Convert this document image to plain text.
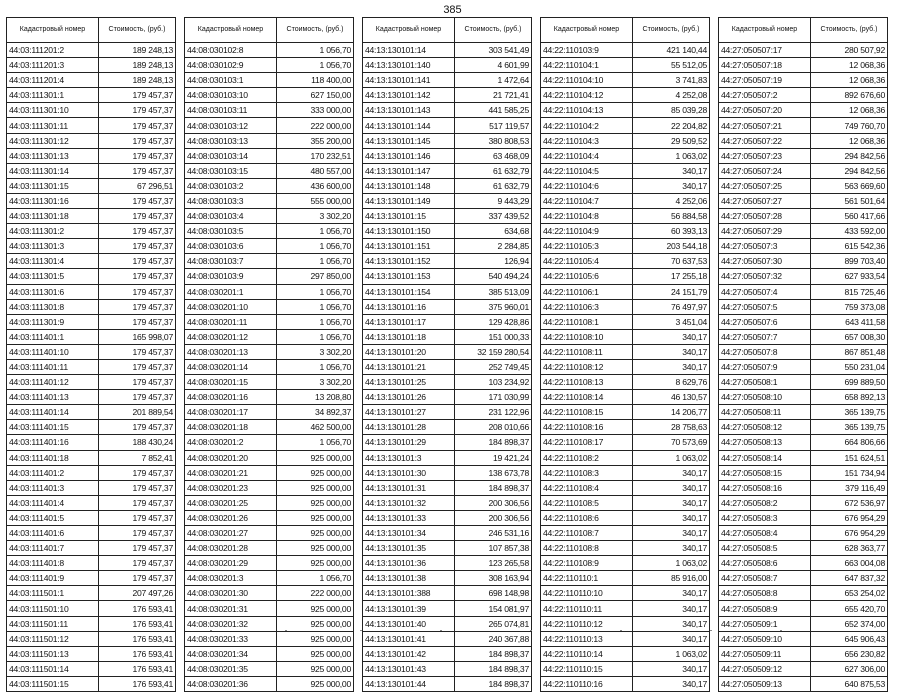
385
Кадастровый номер	Стоимость, (руб.)
44:03:111201:2	189 248,13
44:03:111201:3	189 248,13
44:03:111201:4	189 248,13
44:03:111301:1	179 457,37
44:03:111301:10	179 457,37
44:03:111301:11	179 457,37
44:03:111301:12	179 457,37
44:03:111301:13	179 457,37
44:03:111301:14	179 457,37
44:03:111301:15	67 296,51
44:03:111301:16	179 457,37
44:03:111301:18	179 457,37
44:03:111301:2	179 457,37
44:03:111301:3	179 457,37
44:03:111301:4	179 457,37
44:03:111301:5	179 457,37
44:03:111301:6	179 457,37
44:03:111301:8	179 457,37
44:03:111301:9	179 457,37
44:03:111401:1	165 998,07
44:03:111401:10	179 457,37
44:03:111401:11	179 457,37
44:03:111401:12	179 457,37
44:03:111401:13	179 457,37
44:03:111401:14	201 889,54
44:03:111401:15	179 457,37
44:03:111401:16	188 430,24
44:03:111401:18	7 852,41
44:03:111401:2	179 457,37
44:03:111401:3	179 457,37
44:03:111401:4	179 457,37
44:03:111401:5	179 457,37
44:03:111401:6	179 457,37
44:03:111401:7	179 457,37
44:03:111401:8	179 457,37
44:03:111401:9	179 457,37
44:03:111501:1	207 497,26
44:03:111501:10	176 593,41
44:03:111501:11	176 593,41
44:03:111501:12	176 593,41
44:03:111501:13	176 593,41
44:03:111501:14	176 593,41
44:03:111501:15	176 593,41
Кадастровый номер	Стоимость, (руб.)
44:08:030102:8	1 056,70
44:08:030102:9	1 056,70
44:08:030103:1	118 400,00
44:08:030103:10	627 150,00
44:08:030103:11	333 000,00
44:08:030103:12	222 000,00
44:08:030103:13	355 200,00
44:08:030103:14	170 232,51
44:08:030103:15	480 557,00
44:08:030103:2	436 600,00
44:08:030103:3	555 000,00
44:08:030103:4	3 302,20
44:08:030103:5	1 056,70
44:08:030103:6	1 056,70
44:08:030103:7	1 056,70
44:08:030103:9	297 850,00
44:08:030201:1	1 056,70
44:08:030201:10	1 056,70
44:08:030201:11	1 056,70
44:08:030201:12	1 056,70
44:08:030201:13	3 302,20
44:08:030201:14	1 056,70
44:08:030201:15	3 302,20
44:08:030201:16	13 208,80
44:08:030201:17	34 892,37
44:08:030201:18	462 500,00
44:08:030201:2	1 056,70
44:08:030201:20	925 000,00
44:08:030201:21	925 000,00
44:08:030201:23	925 000,00
44:08:030201:25	925 000,00
44:08:030201:26	925 000,00
44:08:030201:27	925 000,00
44:08:030201:28	925 000,00
44:08:030201:29	925 000,00
44:08:030201:3	1 056,70
44:08:030201:30	222 000,00
44:08:030201:31	925 000,00
44:08:030201:32	925 000,00
44:08:030201:33	925 000,00
44:08:030201:34	925 000,00
44:08:030201:35	925 000,00
44:08:030201:36	925 000,00
Кадастровый номер	Стоимость, (руб.)
44:13:130101:14	303 541,49
44:13:130101:140	4 601,99
44:13:130101:141	1 472,64
44:13:130101:142	21 721,41
44:13:130101:143	441 585,25
44:13:130101:144	517 119,57
44:13:130101:145	380 808,53
44:13:130101:146	63 468,09
44:13:130101:147	61 632,79
44:13:130101:148	61 632,79
44:13:130101:149	9 443,29
44:13:130101:15	337 439,52
44:13:130101:150	634,68
44:13:130101:151	2 284,85
44:13:130101:152	126,94
44:13:130101:153	540 494,24
44:13:130101:154	385 513,09
44:13:130101:16	375 960,01
44:13:130101:17	129 428,86
44:13:130101:18	151 000,33
44:13:130101:20	32 159 280,54
44:13:130101:21	252 749,45
44:13:130101:25	103 234,92
44:13:130101:26	171 030,99
44:13:130101:27	231 122,96
44:13:130101:28	208 010,66
44:13:130101:29	184 898,37
44:13:130101:3	19 421,24
44:13:130101:30	138 673,78
44:13:130101:31	184 898,37
44:13:130101:32	200 306,56
44:13:130101:33	200 306,56
44:13:130101:34	246 531,16
44:13:130101:35	107 857,38
44:13:130101:36	123 265,58
44:13:130101:38	308 163,94
44:13:130101:388	698 148,98
44:13:130101:39	154 081,97
44:13:130101:40	265 074,81
44:13:130101:41	240 367,88
44:13:130101:42	184 898,37
44:13:130101:43	184 898,37
44:13:130101:44	184 898,37
Кадастровый номер	Стоимость, (руб.)
44:22:110103:9	421 140,44
44:22:110104:1	55 512,05
44:22:110104:10	3 741,83
44:22:110104:12	4 252,08
44:22:110104:13	85 039,28
44:22:110104:2	22 204,82
44:22:110104:3	29 509,52
44:22:110104:4	1 063,02
44:22:110104:5	340,17
44:22:110104:6	340,17
44:22:110104:7	4 252,06
44:22:110104:8	56 884,58
44:22:110104:9	60 393,13
44:22:110105:3	203 544,18
44:22:110105:4	70 637,53
44:22:110105:6	17 255,18
44:22:110106:1	24 151,79
44:22:110106:3	76 497,97
44:22:110108:1	3 451,04
44:22:110108:10	340,17
44:22:110108:11	340,17
44:22:110108:12	340,17
44:22:110108:13	8 629,76
44:22:110108:14	46 130,57
44:22:110108:15	14 206,77
44:22:110108:16	28 758,63
44:22:110108:17	70 573,69
44:22:110108:2	1 063,02
44:22:110108:3	340,17
44:22:110108:4	340,17
44:22:110108:5	340,17
44:22:110108:6	340,17
44:22:110108:7	340,17
44:22:110108:8	340,17
44:22:110108:9	1 063,02
44:22:110110:1	85 916,00
44:22:110110:10	340,17
44:22:110110:11	340,17
44:22:110110:12	340,17
44:22:110110:13	340,17
44:22:110110:14	1 063,02
44:22:110110:15	340,17
44:22:110110:16	340,17
Кадастровый номер	Стоимость, (руб.)
44:27:050507:17	280 507,92
44:27:050507:18	12 068,36
44:27:050507:19	12 068,36
44:27:050507:2	892 676,60
44:27:050507:20	12 068,36
44:27:050507:21	749 760,70
44:27:050507:22	12 068,36
44:27:050507:23	294 842,56
44:27:050507:24	294 842,56
44:27:050507:25	563 669,60
44:27:050507:27	561 501,64
44:27:050507:28	560 417,66
44:27:050507:29	433 592,00
44:27:050507:3	615 542,36
44:27:050507:30	899 703,40
44:27:050507:32	627 933,54
44:27:050507:4	815 725,46
44:27:050507:5	759 373,08
44:27:050507:6	643 411,58
44:27:050507:7	657 008,30
44:27:050507:8	867 851,48
44:27:050507:9	550 231,04
44:27:050508:1	699 889,50
44:27:050508:10	658 892,13
44:27:050508:11	365 139,75
44:27:050508:12	365 139,75
44:27:050508:13	664 806,66
44:27:050508:14	151 624,51
44:27:050508:15	151 734,94
44:27:050508:16	379 116,49
44:27:050508:2	672 536,97
44:27:050508:3	676 954,29
44:27:050508:4	676 954,29
44:27:050508:5	628 363,77
44:27:050508:6	663 004,08
44:27:050508:7	647 837,32
44:27:050508:8	653 254,02
44:27:050508:9	655 420,70
44:27:050509:1	652 374,00
44:27:050509:10	645 906,43
44:27:050509:11	656 230,82
44:27:050509:12	627 306,00
44:27:050509:13	640 875,53
